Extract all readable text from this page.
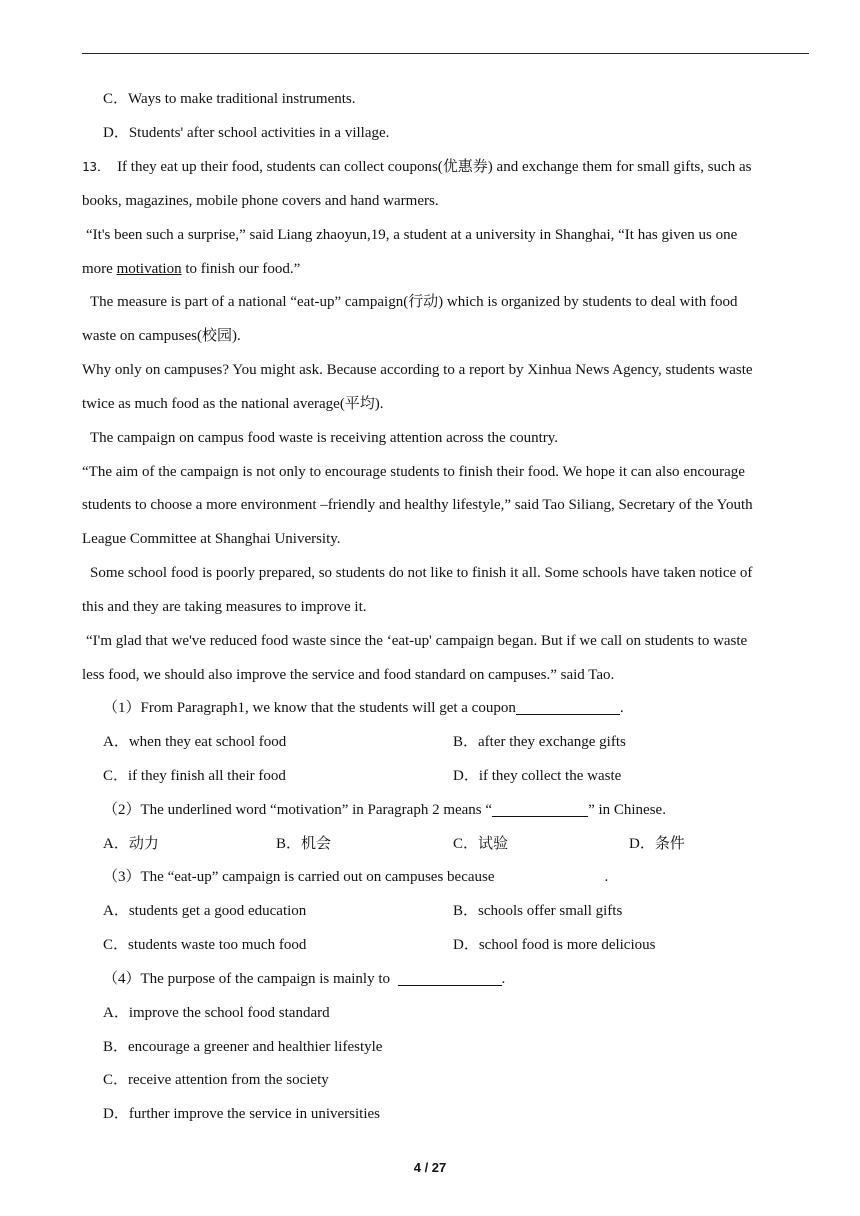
C．Ways to make traditional instruments.
D．Students' after school activities in a village.
13． If they eat up their food, students can collect coupons(优惠券) and exchange them for small gifts, such as
books, magazines, mobile phone covers and hand warmers.
“It's been such a surprise,” said Liang zhaoyun,19, a student at a university in Shanghai, “It has given us one
more motivation to finish our food.”
The measure is part of a national “eat-up” campaign(行动) which is organized by students to deal with food
waste on campuses(校园).
Why only on campuses? You might ask. Because according to a report by Xinhua News Agency, students waste
twice as much food as the national average(平均).
The campaign on campus food waste is receiving attention across the country.
“The aim of the campaign is not only to encourage students to finish their food. We hope it can also encourage
students to choose a more environment –friendly and healthy lifestyle,” said Tao Siliang, Secretary of the Youth
League Committee at Shanghai University.
Some school food is poorly prepared, so students do not like to finish it all. Some schools have taken notice of
this and they are taking measures to improve it.
“I'm glad that we've reduced food waste since the ‘eat-up' campaign began. But if we call on students to waste
less food, we should also improve the service and food standard on campuses.” said Tao.
（1）From Paragraph1, we know that the students will get a coupon	.
A．when they eat school food	B．after they exchange gifts
C．if they finish all their food	D．if they collect the waste
（2）The underlined word “motivation” in Paragraph 2 means “	” in Chinese.
A．动力	B．机会	C．试验	D．条件
（3）The “eat-up” campaign is carried out on campuses because	.
A．students get a good education	B．schools offer small gifts
C．students waste too much food	D．school food is more delicious
（4）The purpose of the campaign is mainly to	.
A．improve the school food standard
B．encourage a greener and healthier lifestyle
C．receive attention from the society
D．further improve the service in universities
4 / 27
